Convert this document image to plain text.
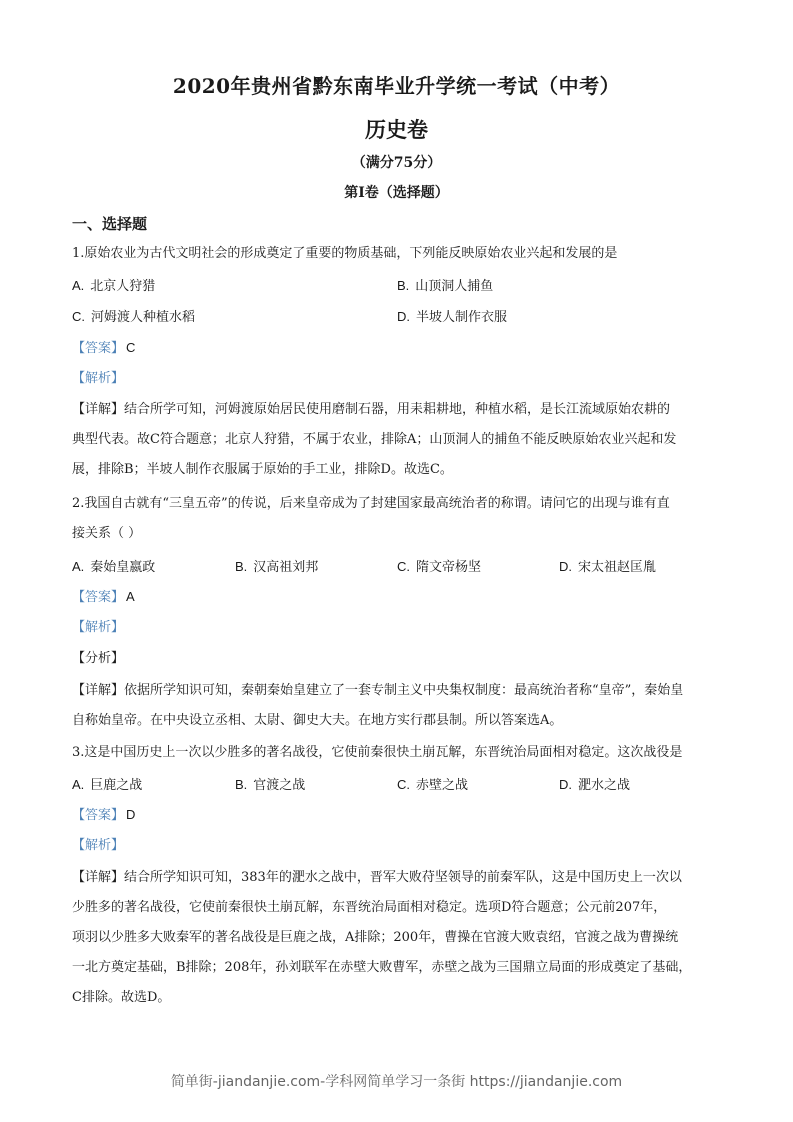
2020年贵州省黔东南毕业升学统一考试（中考）
历史卷
（满分75分）
第Ⅰ卷（选择题）
一、选择题
1.原始农业为古代文明社会的形成奠定了重要的物质基础，下列能反映原始农业兴起和发展的是
A. 北京人狩猎	B. 山顶洞人捕鱼
C. 河姆渡人种植水稻	D. 半坡人制作衣服
【答案】 C
【解析】
【详解】结合所学可知，河姆渡原始居民使用磨制石器，用耒耜耕地，种植水稻，是长江流域原始农耕的
典型代表。故C符合题意；北京人狩猎，不属于农业，排除A；山顶洞人的捕鱼不能反映原始农业兴起和发
展，排除B；半坡人制作衣服属于原始的手工业，排除D。故选C。
2.我国自古就有“三皇五帝”的传说，后来皇帝成为了封建国家最高统治者的称谓。请问它的出现与谁有直
接关系（ ）
A. 秦始皇嬴政	B. 汉高祖刘邦	C. 隋文帝杨坚	D. 宋太祖赵匡胤
【答案】 A
【解析】
【分析】
【详解】依据所学知识可知，秦朝秦始皇建立了一套专制主义中央集权制度：最高统治者称“皇帝”，秦始皇
自称始皇帝。在中央设立丞相、太尉、御史大夫。在地方实行郡县制。所以答案选A。
3.这是中国历史上一次以少胜多的著名战役，它使前秦很快土崩瓦解，东晋统治局面相对稳定。这次战役是
A. 巨鹿之战	B. 官渡之战	C. 赤壁之战	D. 淝水之战
【答案】 D
【解析】
【详解】结合所学知识可知，383年的淝水之战中，晋军大败苻坚领导的前秦军队，这是中国历史上一次以
少胜多的著名战役，它使前秦很快土崩瓦解，东晋统治局面相对稳定。选项D符合题意；公元前207年，
项羽以少胜多大败秦军的著名战役是巨鹿之战，A排除；200年，曹操在官渡大败袁绍，官渡之战为曹操统
一北方奠定基础，B排除；208年，孙刘联军在赤壁大败曹军，赤壁之战为三国鼎立局面的形成奠定了基础，
C排除。故选D。
简单街-jiandanjie.com-学科网简单学习一条街 https://jiandanjie.com
